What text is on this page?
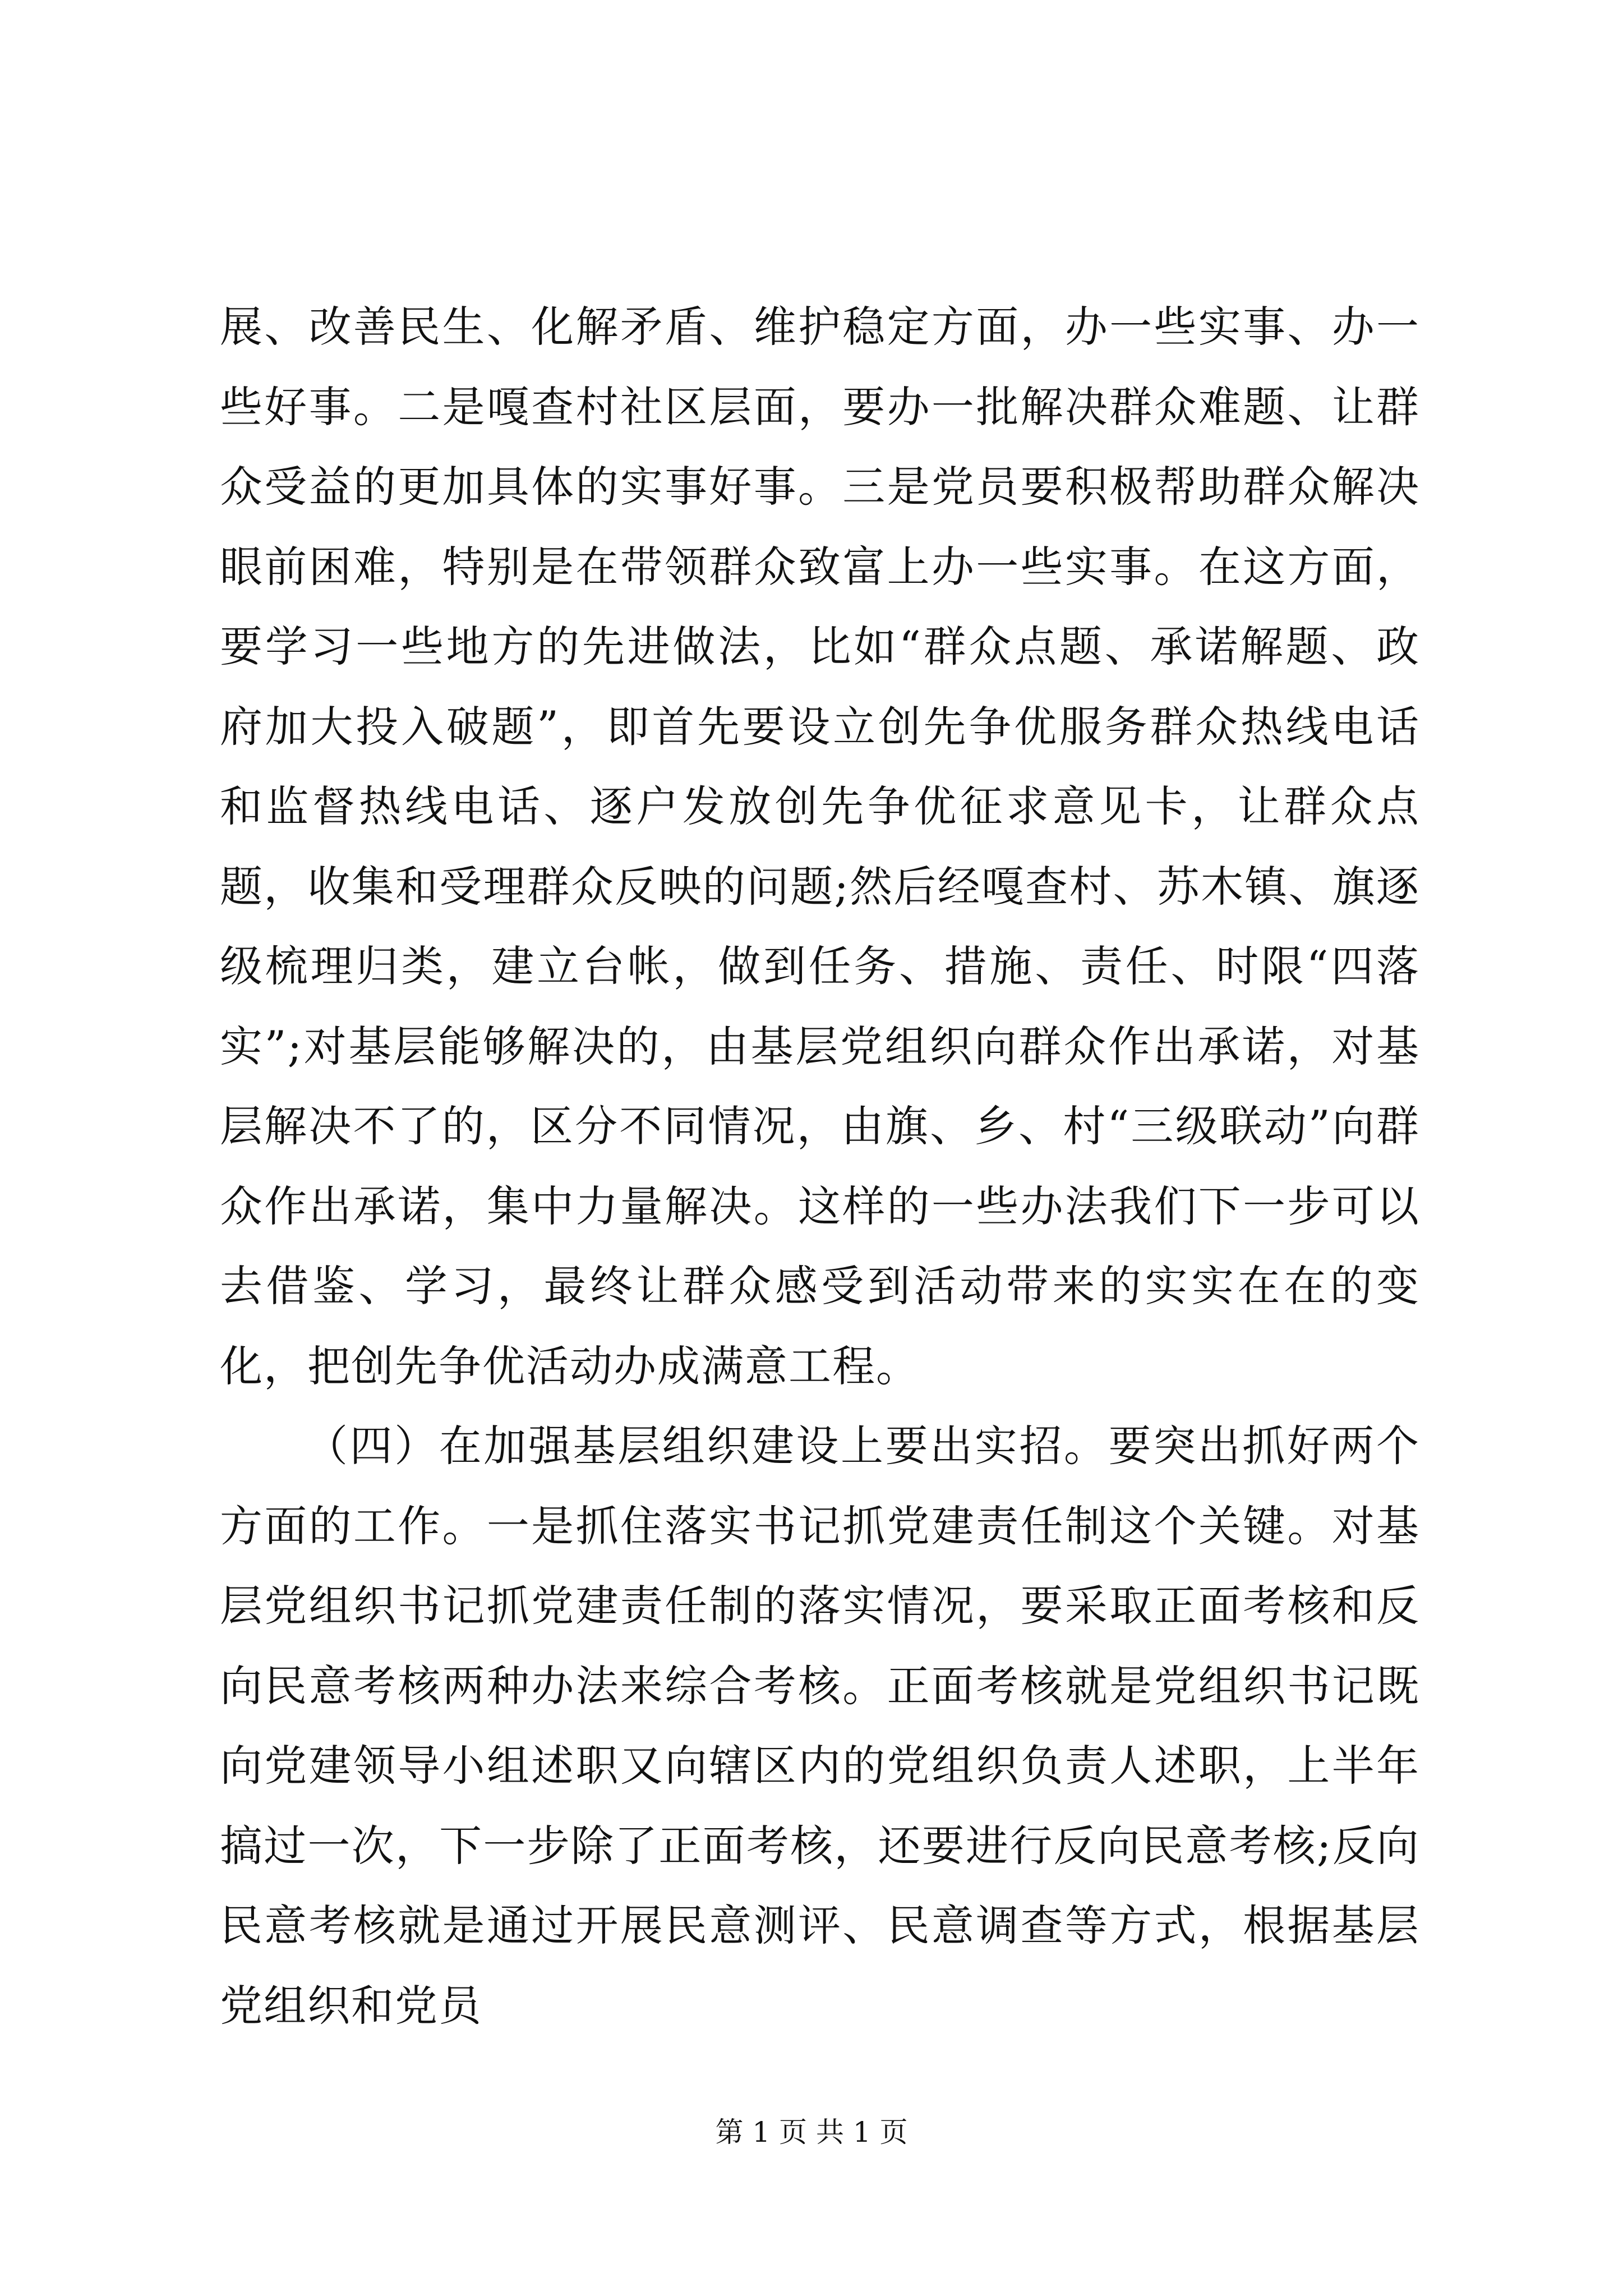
展、改善民生、化解矛盾、维护稳定方面，办一些实事、办一些好事。二是嘎查村社区层面，要办一批解决群众难题、让群众受益的更加具体的实事好事。三是党员要积极帮助群众解决眼前困难，特别是在带领群众致富上办一些实事。在这方面，要学习一些地方的先进做法，比如“群众点题、承诺解题、政府加大投入破题”，即首先要设立创先争优服务群众热线电话和监督热线电话、逐户发放创先争优征求意见卡，让群众点题，收集和受理群众反映的问题;然后经嘎查村、苏木镇、旗逐级梳理归类，建立台帐，做到任务、措施、责任、时限“四落实”;对基层能够解决的，由基层党组织向群众作出承诺，对基层解决不了的，区分不同情况，由旗、乡、村“三级联动”向群众作出承诺，集中力量解决。这样的一些办法我们下一步可以去借鉴、学习，最终让群众感受到活动带来的实实在在的变化，把创先争优活动办成满意工程。

（四）在加强基层组织建设上要出实招。要突出抓好两个方面的工作。一是抓住落实书记抓党建责任制这个关键。对基层党组织书记抓党建责任制的落实情况，要采取正面考核和反向民意考核两种办法来综合考核。正面考核就是党组织书记既向党建领导小组述职又向辖区内的党组织负责人述职，上半年搞过一次，下一步除了正面考核，还要进行反向民意考核;反向民意考核就是通过开展民意测评、民意调查等方式，根据基层党组织和党员

第 1 页 共 1 页
